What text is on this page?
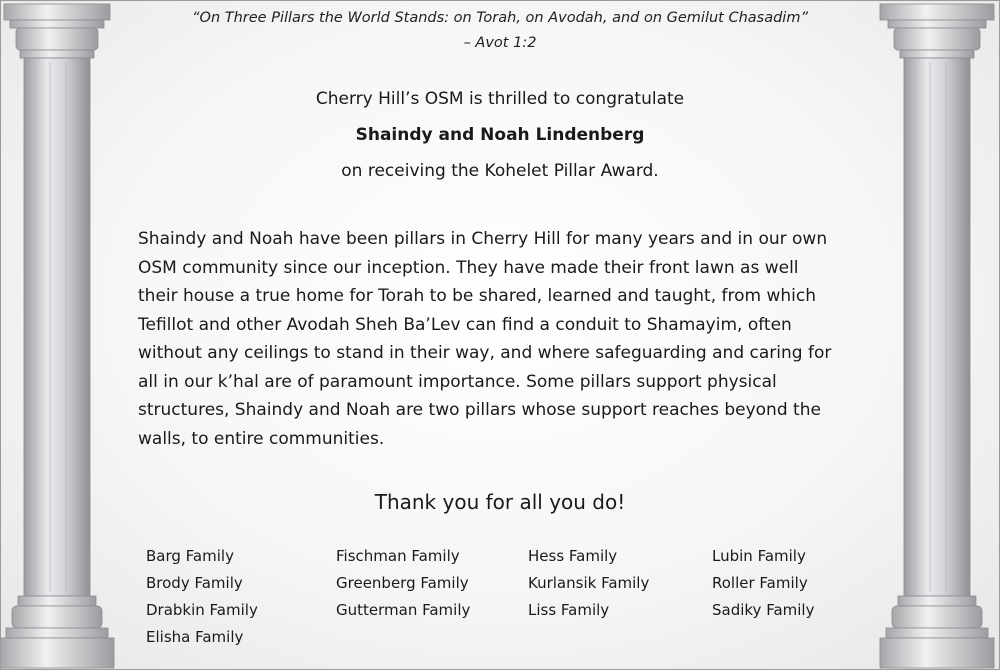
“On Three Pillars the World Stands: on Torah, on Avodah, and on Gemilut Chasadim”
– Avot 1:2
Cherry Hill’s OSM is thrilled to congratulate
Shaindy and Noah Lindenberg
on receiving the Kohelet Pillar Award.
Shaindy and Noah have been pillars in Cherry Hill for many years and in our own
OSM community since our inception. They have made their front lawn as well
their house a true home for Torah to be shared, learned and taught, from which
Tefillot and other Avodah Sheh Ba’Lev can find a conduit to Shamayim, often
without any ceilings to stand in their way, and where safeguarding and caring for
all in our k’hal are of paramount importance. Some pillars support physical
structures, Shaindy and Noah are two pillars whose support reaches beyond the
walls, to entire communities.
Thank you for all you do!
Barg Family
Brody Family
Drabkin Family
Elisha Family
Fischman Family
Greenberg Family
Gutterman Family
Hess Family
Kurlansik Family
Liss Family
Lubin Family
Roller Family
Sadiky Family
